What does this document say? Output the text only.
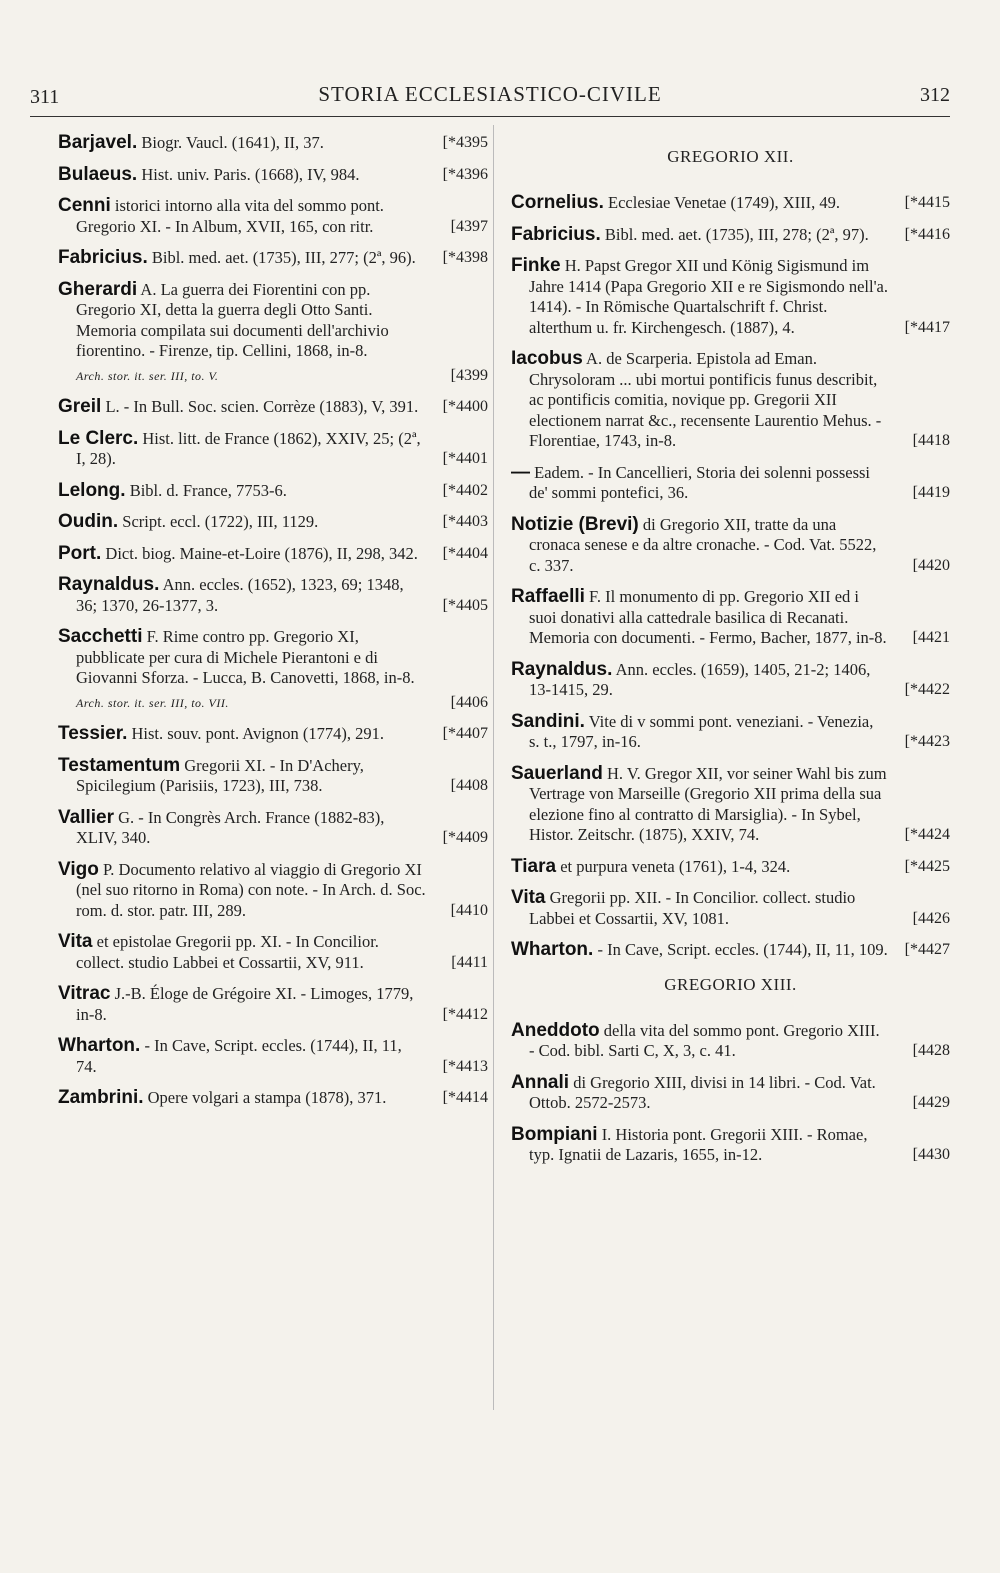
311	STORIA ECCLESIASTICO-CIVILE	312
Barjavel. Biogr. Vaucl. (1641), II, 37.	[*4395
Bulaeus. Hist. univ. Paris. (1668), IV, 984.	[*4396
Cenni istorici intorno alla vita del sommo pont. Gregorio XI. - In Album, XVII, 165, con ritr.	[4397
Fabricius. Bibl. med. aet. (1735), III, 277; (2ª, 96). [*4398
Gherardi A. La guerra dei Fiorentini con pp. Gregorio XI, detta la guerra degli Otto Santi. Memoria compilata sui documenti dell'archivio fiorentino. - Firenze, tip. Cellini, 1868, in-8.
[4399
Arch. stor. it. ser. III, to. V.
Greil L. - In Bull. Soc. scien. Corrèze (1883), V, 391. [*4400
Le Clerc. Hist. litt. de France (1862), XXIV, 25; (2ª, I, 28).	[*4401
Lelong. Bibl. d. France, 7753-6.	[*4402
Oudin. Script. eccl. (1722), III, 1129.	[*4403
Port. Dict. biog. Maine-et-Loire (1876), II, 298, 342. [*4404
Raynaldus. Ann. eccles. (1652), 1323, 69; 1348, 36; 1370, 26-1377, 3.	[*4405
Sacchetti F. Rime contro pp. Gregorio XI, pubblicate per cura di Michele Pierantoni e di Giovanni Sforza. - Lucca, B. Canovetti, 1868, in-8.
[4406
Arch. stor. it. ser. III, to. VII.
Tessier. Hist. souv. pont. Avignon (1774), 291.	[*4407
Testamentum Gregorii XI. - In D'Achery, Spicilegium (Parisiis, 1723), III, 738.	[4408
Vallier G. - In Congrès Arch. France (1882-83), XLIV, 340.	[*4409
Vigo P. Documento relativo al viaggio di Gregorio XI (nel suo ritorno in Roma) con note. - In Arch. d. Soc. rom. d. stor. patr. III, 289.	[4410
Vita et epistolae Gregorii pp. XI. - In Concilior. collect. studio Labbei et Cossartii, XV, 911.	[4411
Vitrac J.-B. Éloge de Grégoire XI. - Limoges, 1779, in-8.	[*4412
Wharton. - In Cave, Script. eccles. (1744), II, 11, 74.	[*4413
Zambrini. Opere volgari a stampa (1878), 371.	[*4414
GREGORIO XII.
Cornelius. Ecclesiae Venetae (1749), XIII, 49.	[*4415
Fabricius. Bibl. med. aet. (1735), III, 278; (2ª, 97). [*4416
Finke H. Papst Gregor XII und König Sigismund im Jahre 1414 (Papa Gregorio XII e re Sigismondo nell'a. 1414). - In Römische Quartalschrift f. Christ. alterthum u. fr. Kirchengesch. (1887), 4.	[*4417
Iacobus A. de Scarperia. Epistola ad Eman. Chrysoloram ... ubi mortui pontificis funus describit, ac pontificis comitia, novique pp. Gregorii XII electionem narrat &c., recensente Laurentio Mehus. - Florentiae, 1743, in-8.	[4418
— Eadem. - In Cancellieri, Storia dei solenni possessi de' sommi pontefici, 36.	[4419
Notizie (Brevi) di Gregorio XII, tratte da una cronaca senese e da altre cronache. - Cod. Vat. 5522, c. 337.	[4420
Raffaelli F. Il monumento di pp. Gregorio XII ed i suoi donativi alla cattedrale basilica di Recanati. Memoria con documenti. - Fermo, Bacher, 1877, in-8. [4421
Raynaldus. Ann. eccles. (1659), 1405, 21-2; 1406, 13-1415, 29.	[*4422
Sandini. Vite di v sommi pont. veneziani. - Venezia, s. t., 1797, in-16.	[*4423
Sauerland H. V. Gregor XII, vor seiner Wahl bis zum Vertrage von Marseille (Gregorio XII prima della sua elezione fino al contratto di Marsiglia). - In Sybel, Histor. Zeitschr. (1875), XXIV, 74.	[*4424
Tiara et purpura veneta (1761), 1-4, 324.	[*4425
Vita Gregorii pp. XII. - In Concilior. collect. studio Labbei et Cossartii, XV, 1081.	[4426
Wharton. - In Cave, Script. eccles. (1744), II, 11, 109. [*4427
GREGORIO XIII.
Aneddoto della vita del sommo pont. Gregorio XIII. - Cod. bibl. Sarti C, X, 3, c. 41.	[4428
Annali di Gregorio XIII, divisi in 14 libri. - Cod. Vat. Ottob. 2572-2573.	[4429
Bompiani I. Historia pont. Gregorii XIII. - Romae, typ. Ignatii de Lazaris, 1655, in-12.	[4430
